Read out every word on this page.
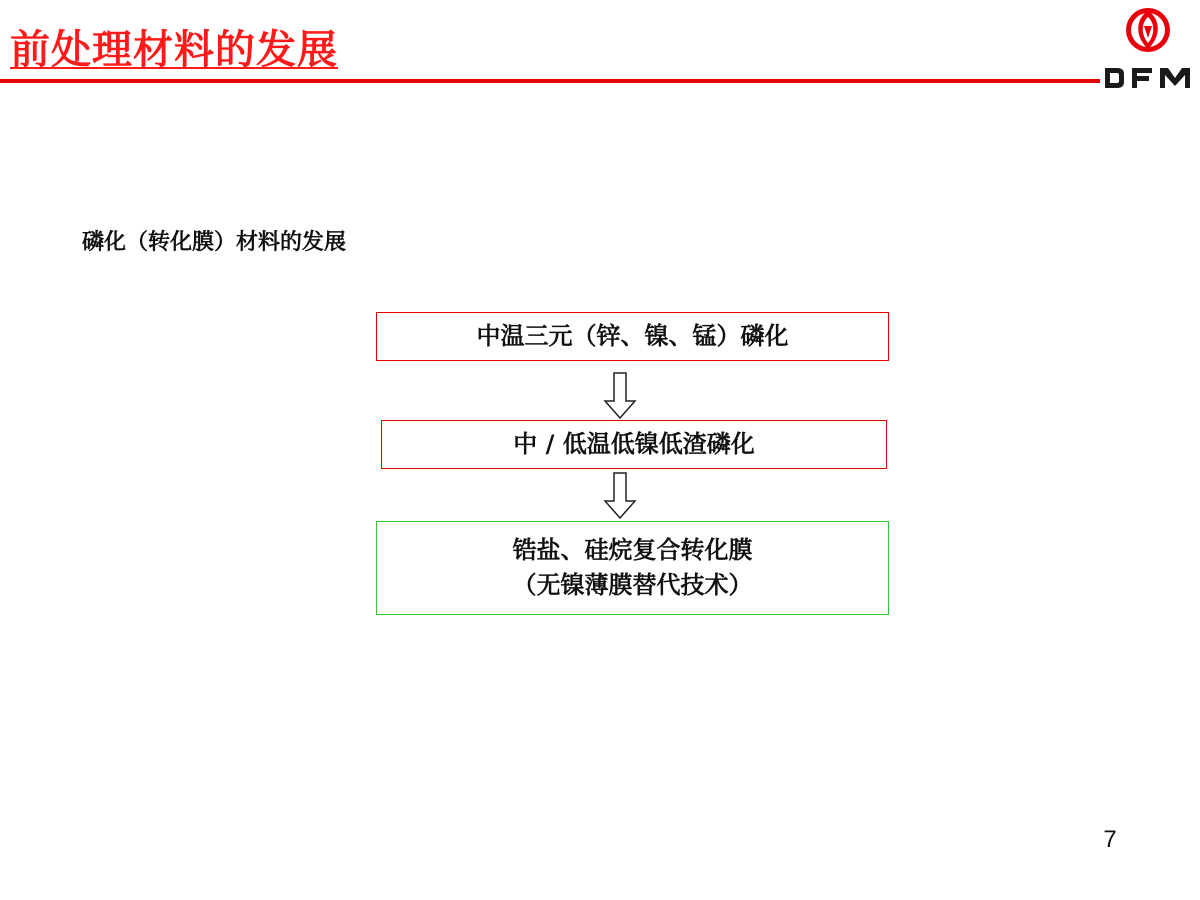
前处理材料的发展
磷化（转化膜）材料的发展
中温三元（锌、镍、锰）磷化
中 / 低温低镍低渣磷化
锆盐、硅烷复合转化膜
（无镍薄膜替代技术）
7
